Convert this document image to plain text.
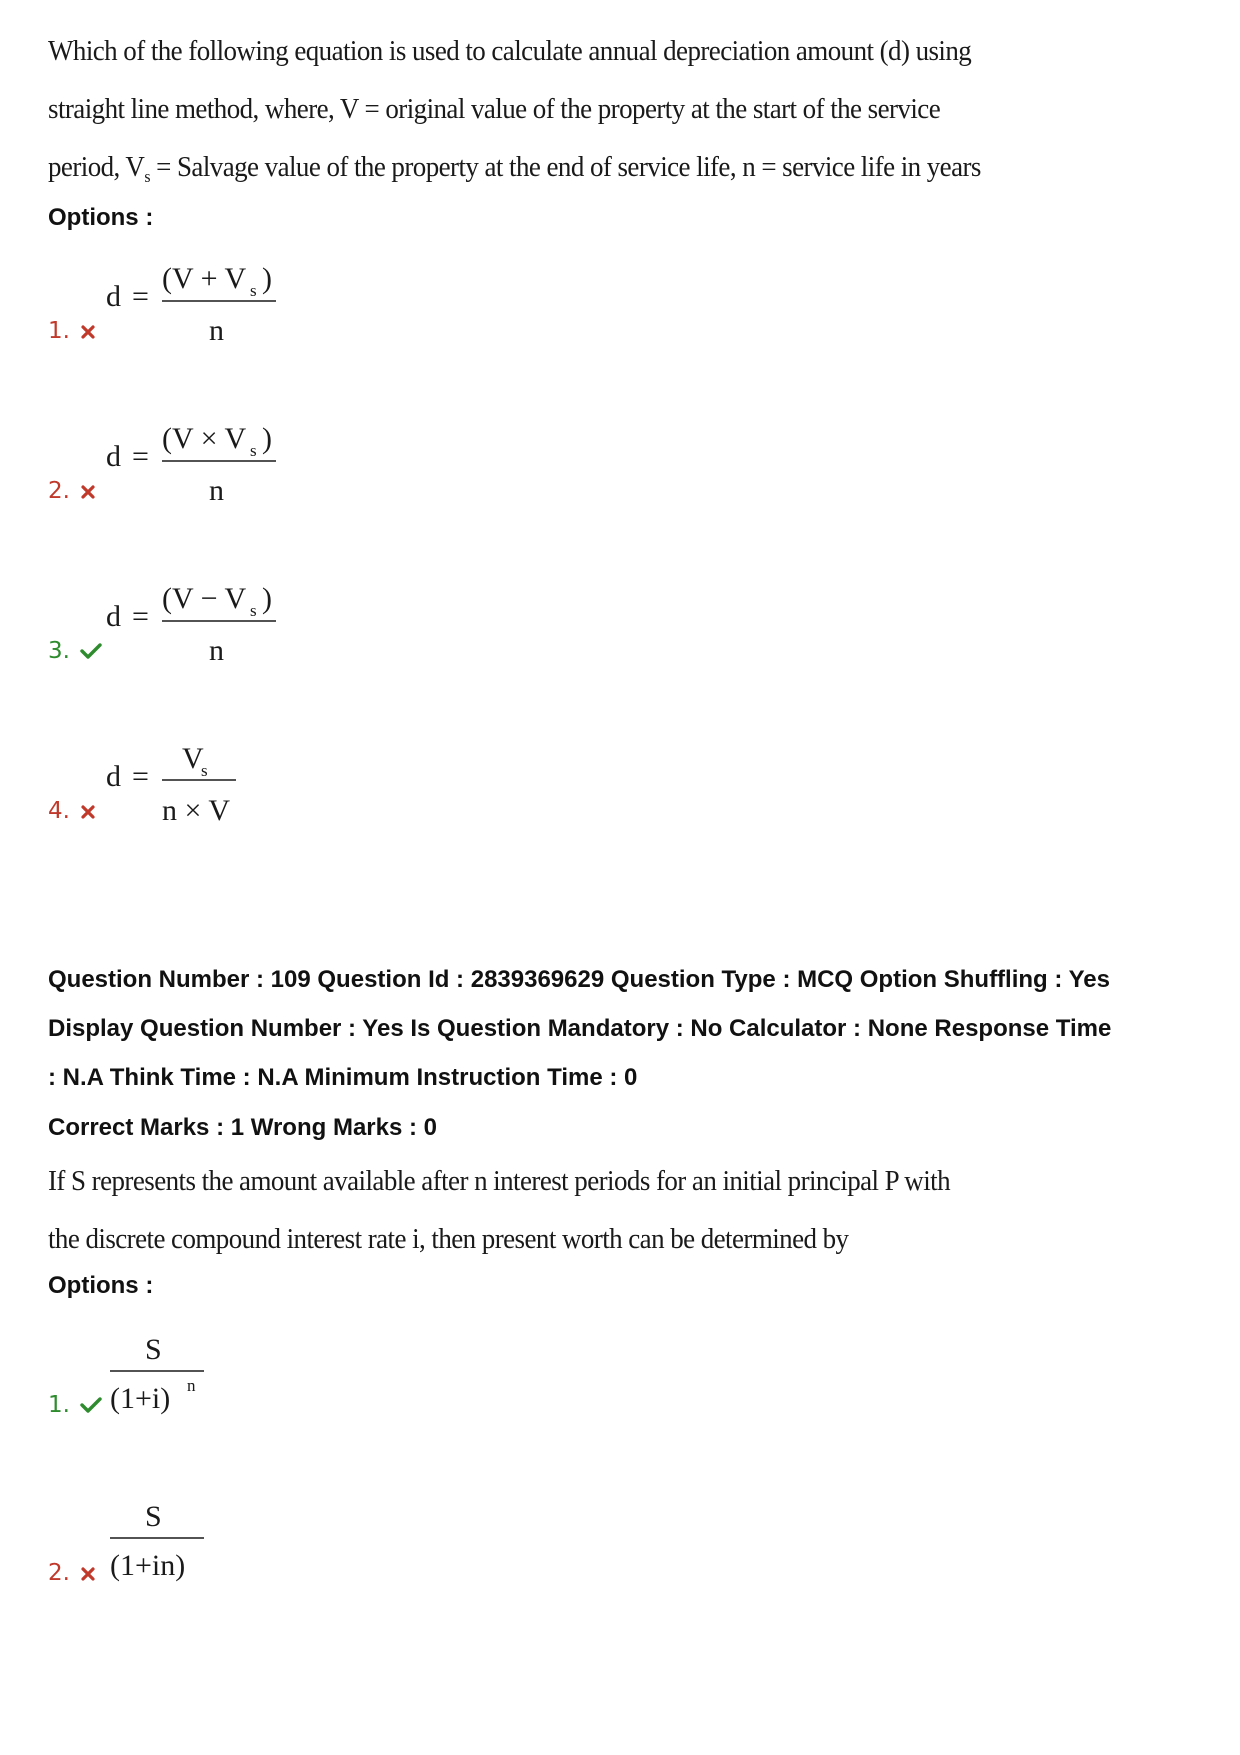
Which of the following equation is used to calculate annual depreciation amount (d) using
straight line method, where, V = original value of the property at the start of the service
period, $V_s$ = Salvage value of the property at the end of service life, n = service life in years
Options :
d =
(V + V s )
n
1.
d =
(V × V s )
n
2.
d =
(V − V s )
n
3.
d =
V
s
n × V
4.
Question Number : 109 Question Id : 2839369629 Question Type : MCQ Option Shuffling : Yes
Display Question Number : Yes Is Question Mandatory : No Calculator : None Response Time
: N.A Think Time : N.A Minimum Instruction Time : 0
Correct Marks : 1 Wrong Marks : 0
If S represents the amount available after n interest periods for an initial principal P with
the discrete compound interest rate i, then present worth can be determined by
Options :
S
(1+i) n
1.
S
(1+in)
2.
